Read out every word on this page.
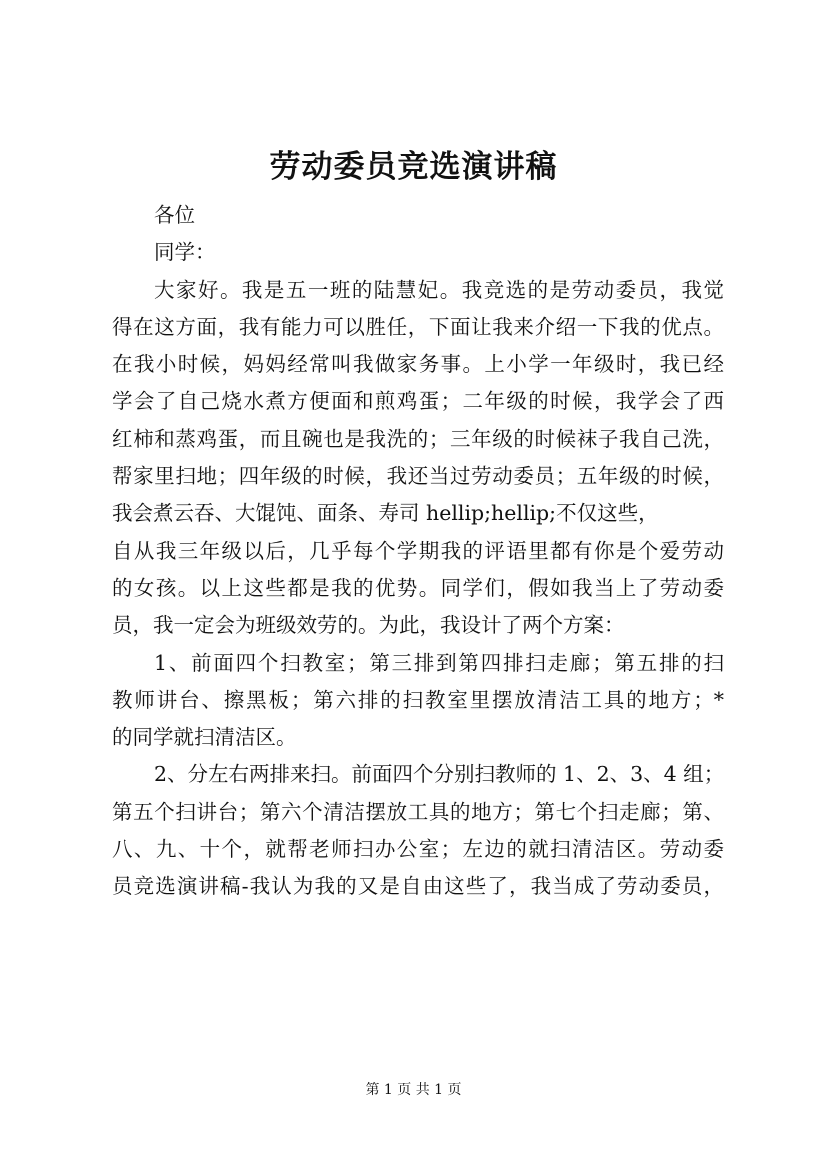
劳动委员竞选演讲稿
各位
同学：
大家好。我是五一班的陆慧妃。我竞选的是劳动委员，我觉
得在这方面，我有能力可以胜任，下面让我来介绍一下我的优点。
在我小时候，妈妈经常叫我做家务事。上小学一年级时，我已经
学会了自己烧水煮方便面和煎鸡蛋；二年级的时候，我学会了西
红柿和蒸鸡蛋，而且碗也是我洗的；三年级的时候袜子我自己洗，
帮家里扫地；四年级的时候，我还当过劳动委员；五年级的时候，
我会煮云吞、大馄饨、面条、寿司 hellip;hellip;不仅这些，
自从我三年级以后，几乎每个学期我的评语里都有你是个爱劳动
的女孩。以上这些都是我的优势。同学们，假如我当上了劳动委
员，我一定会为班级效劳的。为此，我设计了两个方案：
1、前面四个扫教室；第三排到第四排扫走廊；第五排的扫
教师讲台、擦黑板；第六排的扫教室里摆放清洁工具的地方；*
的同学就扫清洁区。
2、分左右两排来扫。前面四个分别扫教师的 1、2、3、4 组；
第五个扫讲台；第六个清洁摆放工具的地方；第七个扫走廊；第、
八、九、十个，就帮老师扫办公室；左边的就扫清洁区。劳动委
员竞选演讲稿-我认为我的又是自由这些了，我当成了劳动委员，
第 1 页 共 1 页
